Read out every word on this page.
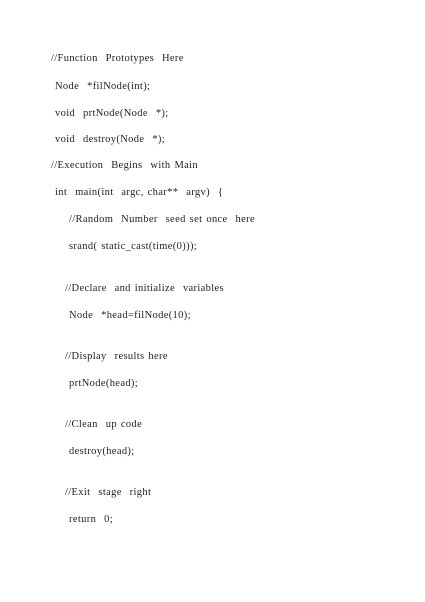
//Function  Prototypes  Here
Node  *filNode(int);
void  prtNode(Node  *);
void  destroy(Node  *);
//Execution  Begins  with Main
int  main(int  argc, char**  argv)  {
//Random  Number  seed set once  here
srand( static_cast(time(0)));
//Declare  and initialize  variables
Node  *head=filNode(10);
//Display  results here
prtNode(head);
//Clean  up code
destroy(head);
//Exit  stage  right
return  0;
